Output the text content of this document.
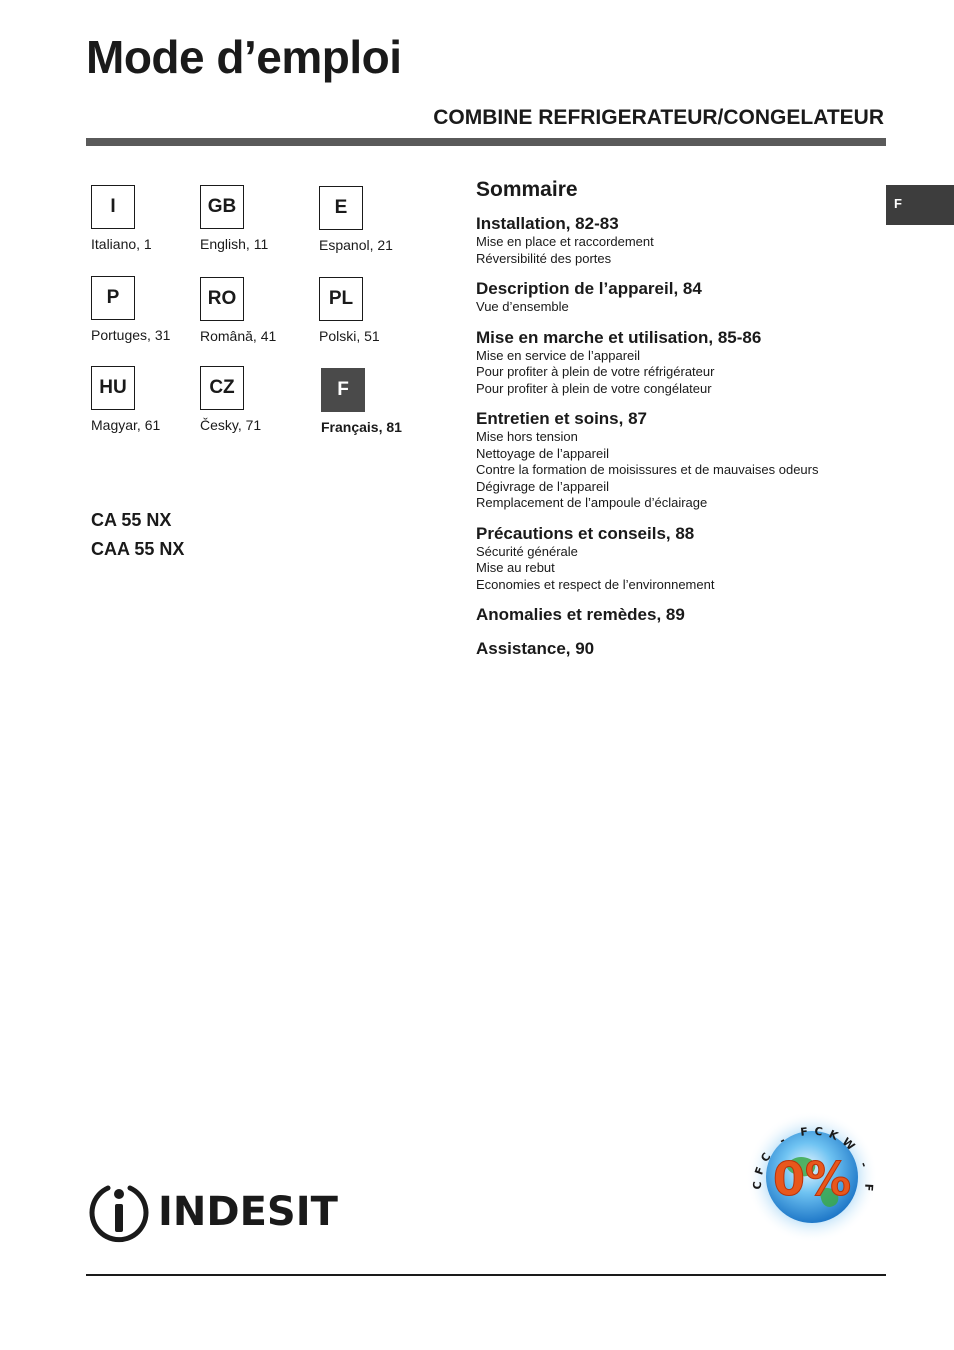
Mode d’emploi
COMBINE REFRIGERATEUR/CONGELATEUR
F
I
Italiano, 1
GB
English, 11
E
Espanol, 21
P
Portuges, 31
RO
Română, 41
PL
Polski, 51
HU
Magyar, 61
CZ
Česky, 71
F
Français, 81
CA 55 NX
CAA 55 NX
Sommaire
Installation, 82-83
Mise en place et raccordement
Réversibilité des portes
Description de l’appareil, 84
Vue d’ensemble
Mise en marche et utilisation, 85-86
Mise en service de l’appareil
Pour profiter à plein de votre réfrigérateur
Pour profiter à plein de votre congélateur
Entretien et soins, 87
Mise hors tension
Nettoyage de l’appareil
Contre la formation de moisissures et de mauvaises odeurs
Dégivrage de l’appareil
Remplacement de l’ampoule d’éclairage
Précautions et conseils, 88
Sécurité générale
Mise au rebut
Economies et respect de l’environnement
Anomalies et remèdes, 89
Assistance, 90
INDESIT
0%
CFC - FCKW - F
